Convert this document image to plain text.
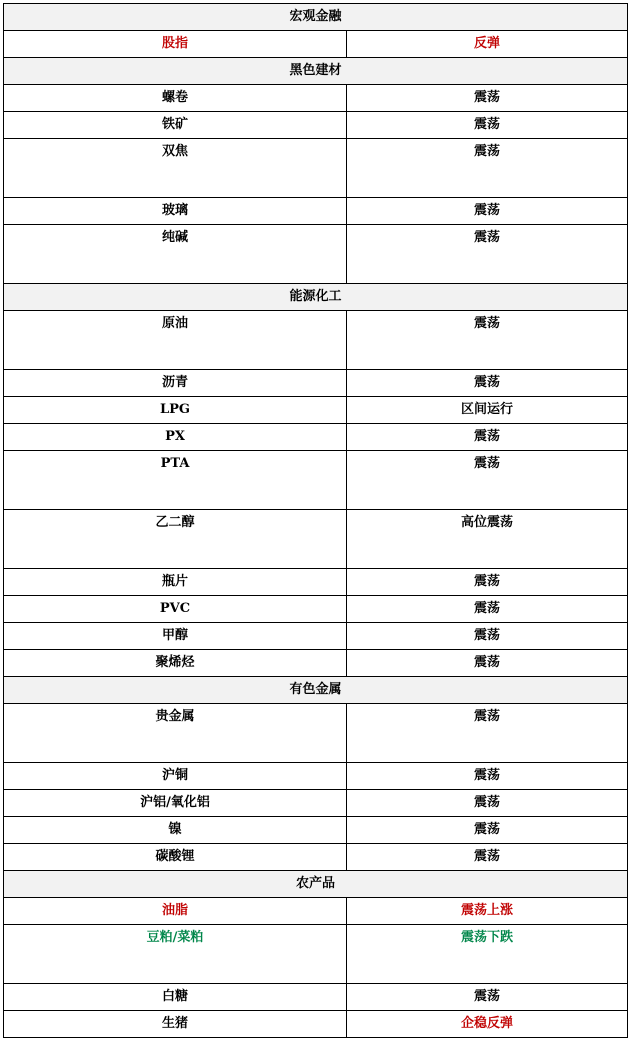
宏观金融	
股指	反弹
黑色建材	
螺卷	震荡
铁矿	震荡
双焦	震荡
玻璃	震荡
纯碱	震荡
能源化工	
原油	震荡
沥青	震荡
LPG	区间运行
PX	震荡
PTA	震荡
乙二醇	高位震荡
瓶片	震荡
PVC	震荡
甲醇	震荡
聚烯烃	震荡
有色金属	
贵金属	震荡
沪铜	震荡
沪铝/氧化铝	震荡
镍	震荡
碳酸锂	震荡
农产品	
油脂	震荡上涨
豆粕/菜粕	震荡下跌
白糖	震荡
生猪	企稳反弹
